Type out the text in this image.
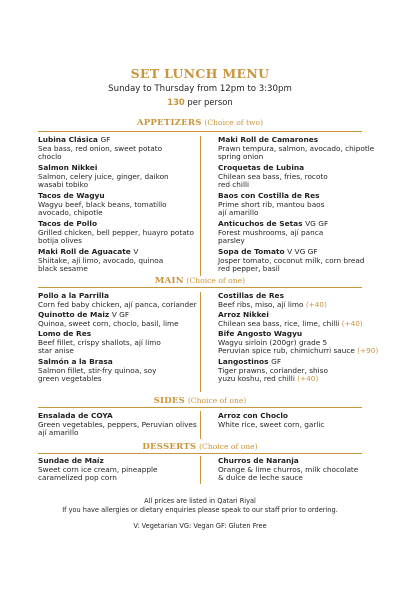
SET LUNCH MENU
Sunday to Thursday from 12pm to 3:30pm
130 per person
APPETIZERS (Choice of two)
Lubina Clásica GF
Sea bass, red onion, sweet potato
choclo
Salmon Nikkei
Salmon, celery juice, ginger, daikon
wasabi tobiko
Tacos de Wagyu
Wagyu beef, black beans, tomatillo
avocado, chipotle
Tacos de Pollo
Grilled chicken, bell pepper, huayro potato
botija olives
Maki Roll de Aguacate V
Shiitake, ají limo, avocado, quinoa
black sesame
Maki Roll de Camarones
Prawn tempura, salmon, avocado, chipotle
spring onion
Croquetas de Lubina
Chilean sea bass, fries, rocoto
red chilli
Baos con Costilla de Res
Prime short rib, mantou baos
ají amarillo
Anticuchos de Setas VG GF
Forest mushrooms, ají panca
parsley
Sopa de Tomato V VG GF
Josper tomato, coconut milk, corn bread
red pepper, basil
MAIN (Choice of one)
Pollo a la Parrilla
Corn fed baby chicken, ají panca, coriander
Quinotto de Maiz V GF
Quinoa, sweet corn, choclo, basil, lime
Lomo de Res
Beef fillet, crispy shallots, ají limo
star anise
Salmón a la Brasa
Salmon fillet, stir-fry quinoa, soy
green vegetables
Costillas de Res
Beef ribs, miso, ají limo (+40)
Arroz Nikkei
Chilean sea bass, rice, lime, chilli (+40)
Bife Angosto Wagyu
Wagyu sirloin (200gr) grade 5
Peruvian spice rub, chimichurri sauce (+90)
Langostinos GF
Tiger prawns, coriander, shiso
yuzu koshu, red chilli (+40)
SIDES (Choice of one)
Ensalada de COYA
Green vegetables, peppers, Peruvian olives
ají amarillo
Arroz con Choclo
White rice, sweet corn, garlic
DESSERTS (Choice of one)
Sundae de Maíz
Sweet corn ice cream, pineapple
caramelized pop corn
Churros de Naranja
Orange & lime churros, milk chocolate
& dulce de leche sauce
All prices are listed in Qatari Riyal
If you have allergies or dietary enquiries please speak to our staff prior to ordering.
V: Vegetarian VG: Vegan GF: Gluten Free
